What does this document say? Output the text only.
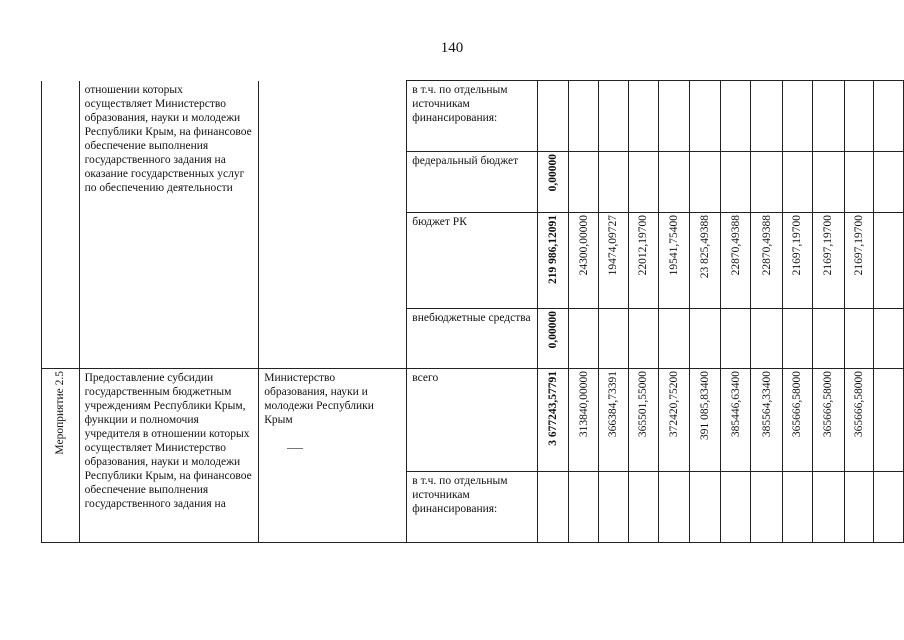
140
	отношении которых осуществляет Министерство образования, науки и молодежи Республики Крым, на финансовое обеспечение выполнения государственного задания на оказание государственных услуг по обеспечению деятельности		в т.ч. по отдельным источникам финансирования:												
			федеральный бюджет	0,00000											

			бюджет РК	219 986,12091	24300,00000	19474,09727	22012,19700	19541,75400	23 825,49388	22870,49388	22870,49388	21697,19700	21697,19700	21697,19700	

			внебюджетные средства	0,00000											

Мероприятие 2.5	Предоставление субсидии государственным бюджетным учреждениям Республики Крым, функции и полномочия учредителя в отношении которых осуществляет Министерство образования, науки и молодежи Республики Крым, на финансовое обеспечение выполнения государственного задания на	Министерство образования, науки и молодежи Республики Крым	всего	3 677243,57791	313840,00000	366384,73391	365501,55000	372420,75200	391 085,83400	385446,63400	385564,33400	365666,58000	365666,58000	365666,58000	

			в т.ч. по отдельным источникам финансирования:												
